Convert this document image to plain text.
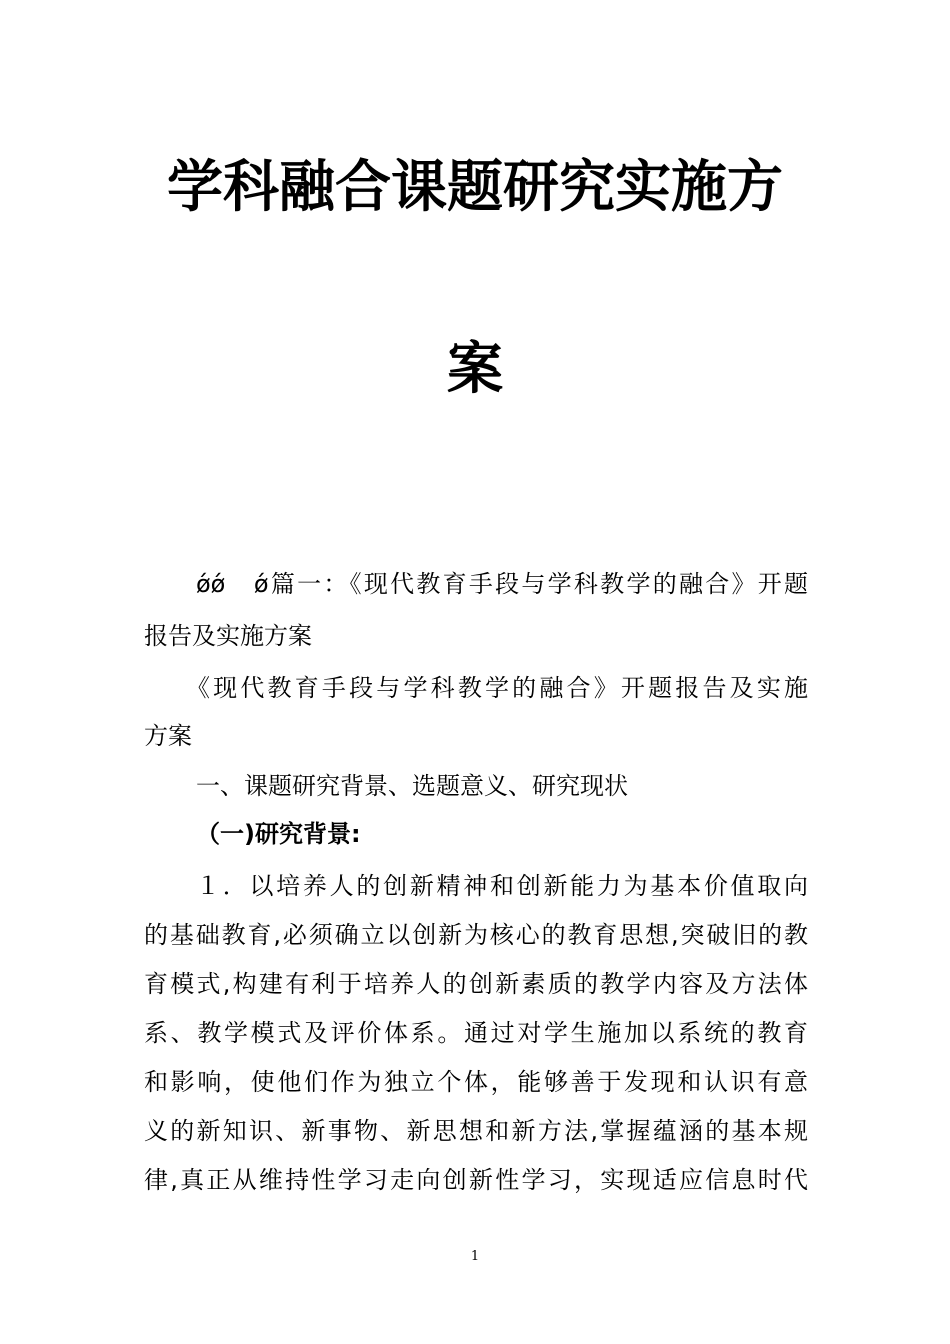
学科融合课题研究实施方
案

ǿǿ　ǿ篇一：《现代教育手段与学科教学的融合》开题

报告及实施方案

《现代教育手段与学科教学的融合》开题报告及实施

方案

一、课题研究背景、选题意义、研究现状

（一)研究背景:

１．以培养人的创新精神和创新能力为基本价值取向

的基础教育,必须确立以创新为核心的教育思想,突破旧的教

育模式,构建有利于培养人的创新素质的教学内容及方法体

系、教学模式及评价体系。通过对学生施加以系统的教育

和影响，使他们作为独立个体，能够善于发现和认识有意

义的新知识、新事物、新思想和新方法,掌握蕴涵的基本规

律,真正从维持性学习走向创新性学习，实现适应信息时代

1
